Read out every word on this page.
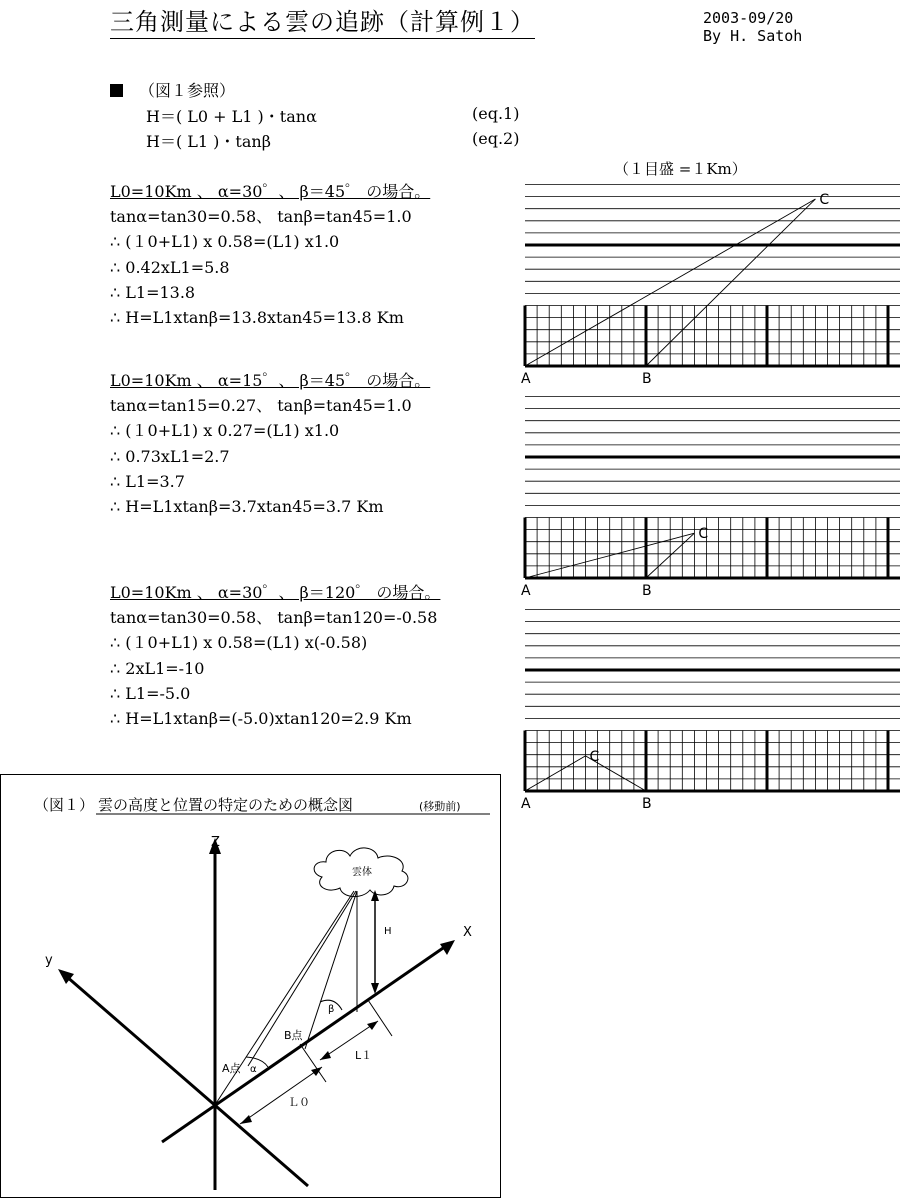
三角測量による雲の追跡（計算例１）	2003-09/20
By H. Satoh
（図１参照）
H＝( L0 + L1 )・tanα	(eq.1)
H＝( L1 )・tanβ	(eq.2)
（１目盛 =１Km）
L0=10Km 、 α=30゜、 β＝45゜ の場合。
tanα=tan30=0.58、 tanβ=tan45=1.0
∴ (１0+L1) x 0.58=(L1) x1.0
∴ 0.42xL1=5.8
∴ L1=13.8
∴ H=L1xtanβ=13.8xtan45=13.8 Km
L0=10Km 、 α=15゜、 β＝45゜ の場合。
tanα=tan15=0.27、 tanβ=tan45=1.0
∴ (１0+L1) x 0.27=(L1) x1.0
∴ 0.73xL1=2.7
∴ L1=3.7
∴ H=L1xtanβ=3.7xtan45=3.7 Km
L0=10Km 、 α=30゜、 β＝120゜ の場合。
tanα=tan30=0.58、 tanβ=tan120=-0.58
∴ (１0+L1) x 0.58=(L1) x(-0.58)
∴ 2xL1=-10
∴ L1=-5.0
∴ H=L1xtanβ=(-5.0)xtan120=2.9 Km
A	B
C
A	B
C
A	B
C
（図１） 雲の高度と位置の特定のための概念図	(移動前)
Z
y
X
雲体
H
β
α
A点
B点
L１
Ｌ０
